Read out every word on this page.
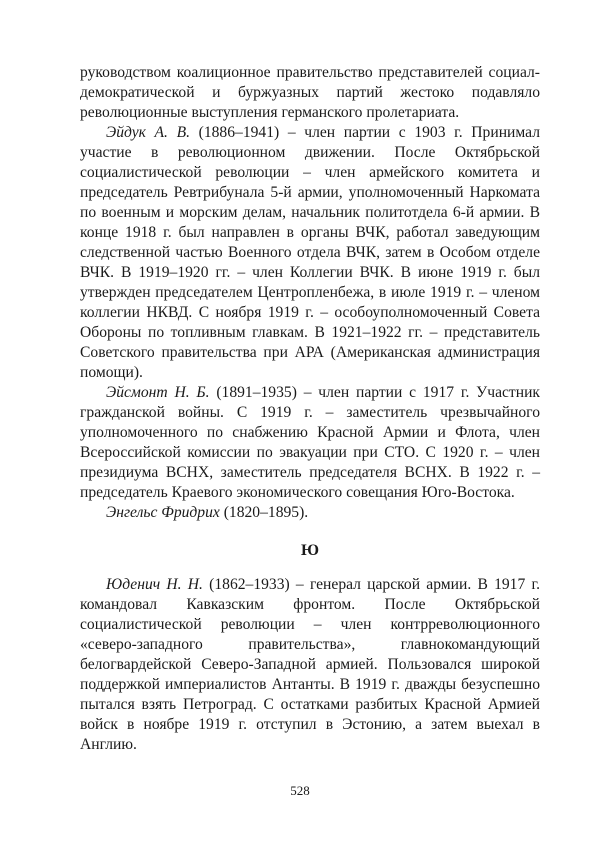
руководством коалиционное правительство представителей социал-демократической и буржуазных партий жестоко подавляло революционные выступления германского пролетариата.

Эйдук А. В. (1886–1941) – член партии с 1903 г. Принимал участие в революционном движении. После Октябрьской социалистической революции – член армейского комитета и председатель Ревтрибунала 5-й армии, уполномоченный Наркомата по военным и морским делам, начальник политотдела 6-й армии. В конце 1918 г. был направлен в органы ВЧК, работал заведующим следственной частью Военного отдела ВЧК, затем в Особом отделе ВЧК. В 1919–1920 гг. – член Коллегии ВЧК. В июне 1919 г. был утвержден председателем Центропленбежа, в июле 1919 г. – членом коллегии НКВД. С ноября 1919 г. – особоуполномоченный Совета Обороны по топливным главкам. В 1921–1922 гг. – представитель Советского правительства при АРА (Американская администрация помощи).

Эйсмонт Н. Б. (1891–1935) – член партии с 1917 г. Участник гражданской войны. С 1919 г. – заместитель чрезвычайного уполномоченного по снабжению Красной Армии и Флота, член Всероссийской комиссии по эвакуации при СТО. С 1920 г. – член президиума ВСНХ, заместитель председателя ВСНХ. В 1922 г. – председатель Краевого экономического совещания Юго-Востока.

Энгельс Фридрих (1820–1895).

Ю

Юденич Н. Н. (1862–1933) – генерал царской армии. В 1917 г. командовал Кавказским фронтом. После Октябрьской социалистической революции – член контрреволюционного «северо-западного правительства», главнокомандующий белогвардейской Северо-Западной армией. Пользовался широкой поддержкой империалистов Антанты. В 1919 г. дважды безуспешно пытался взять Петроград. С остатками разбитых Красной Армией войск в ноябре 1919 г. отступил в Эстонию, а затем выехал в Англию.

528
